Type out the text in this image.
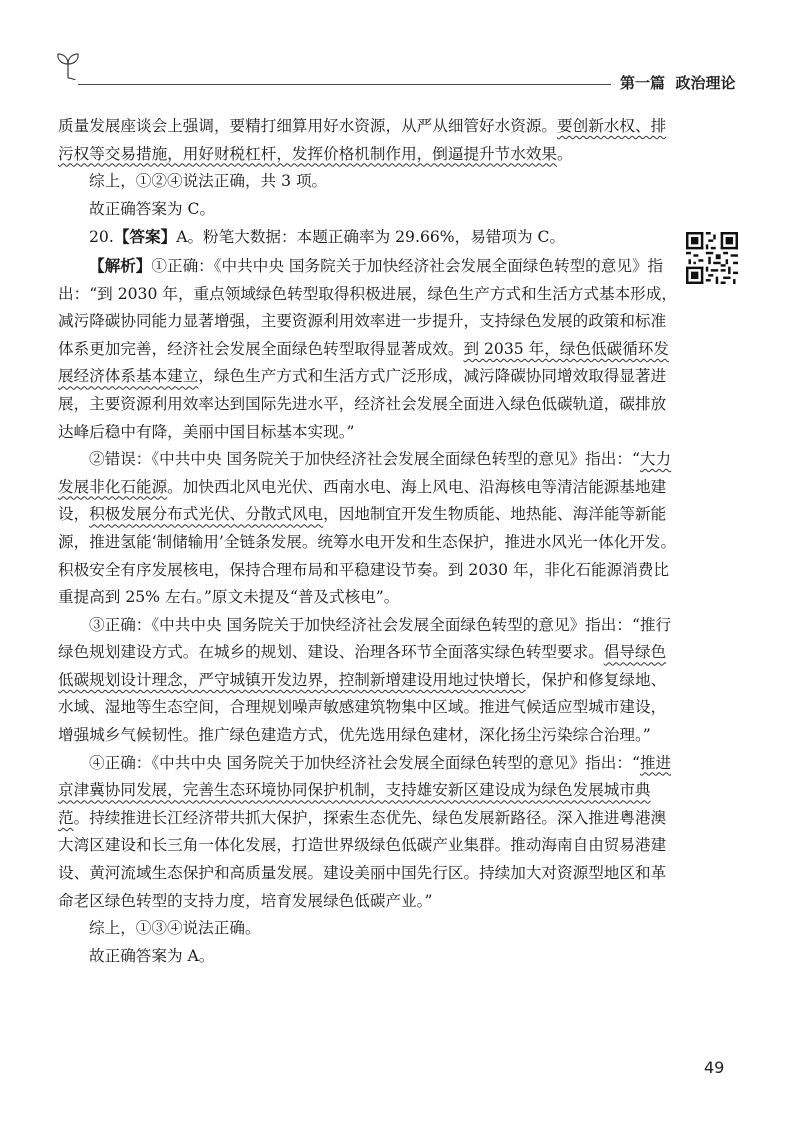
第一篇 政治理论

质量发展座谈会上强调，要精打细算用好水资源，从严从细管好水资源。要创新水权、排污权等交易措施，用好财税杠杆，发挥价格机制作用，倒逼提升节水效果。

综上，①②④说法正确，共 3 项。

故正确答案为 C。

20.【答案】A。粉笔大数据：本题正确率为 29.66%，易错项为 C。

【解析】①正确：《中共中央 国务院关于加快经济社会发展全面绿色转型的意见》指出：“到 2030 年，重点领域绿色转型取得积极进展，绿色生产方式和生活方式基本形成，减污降碳协同能力显著增强，主要资源利用效率进一步提升，支持绿色发展的政策和标准体系更加完善，经济社会发展全面绿色转型取得显著成效。到 2035 年，绿色低碳循环发展经济体系基本建立，绿色生产方式和生活方式广泛形成，减污降碳协同增效取得显著进展，主要资源利用效率达到国际先进水平，经济社会发展全面进入绿色低碳轨道，碳排放达峰后稳中有降，美丽中国目标基本实现。”

②错误：《中共中央 国务院关于加快经济社会发展全面绿色转型的意见》指出：“大力发展非化石能源。加快西北风电光伏、西南水电、海上风电、沿海核电等清洁能源基地建设，积极发展分布式光伏、分散式风电，因地制宜开发生物质能、地热能、海洋能等新能源，推进氢能‘制储输用’全链条发展。统筹水电开发和生态保护，推进水风光一体化开发。积极安全有序发展核电，保持合理布局和平稳建设节奏。到 2030 年，非化石能源消费比重提高到 25% 左右。”原文未提及“普及式核电”。

③正确：《中共中央 国务院关于加快经济社会发展全面绿色转型的意见》指出：“推行绿色规划建设方式。在城乡的规划、建设、治理各环节全面落实绿色转型要求。倡导绿色低碳规划设计理念，严守城镇开发边界，控制新增建设用地过快增长，保护和修复绿地、水域、湿地等生态空间，合理规划噪声敏感建筑物集中区域。推进气候适应型城市建设，增强城乡气候韧性。推广绿色建造方式，优先选用绿色建材，深化扬尘污染综合治理。”

④正确：《中共中央 国务院关于加快经济社会发展全面绿色转型的意见》指出：“推进京津冀协同发展，完善生态环境协同保护机制，支持雄安新区建设成为绿色发展城市典范。持续推进长江经济带共抓大保护，探索生态优先、绿色发展新路径。深入推进粤港澳大湾区建设和长三角一体化发展，打造世界级绿色低碳产业集群。推动海南自由贸易港建设、黄河流域生态保护和高质量发展。建设美丽中国先行区。持续加大对资源型地区和革命老区绿色转型的支持力度，培育发展绿色低碳产业。”

综上，①③④说法正确。

故正确答案为 A。

49
